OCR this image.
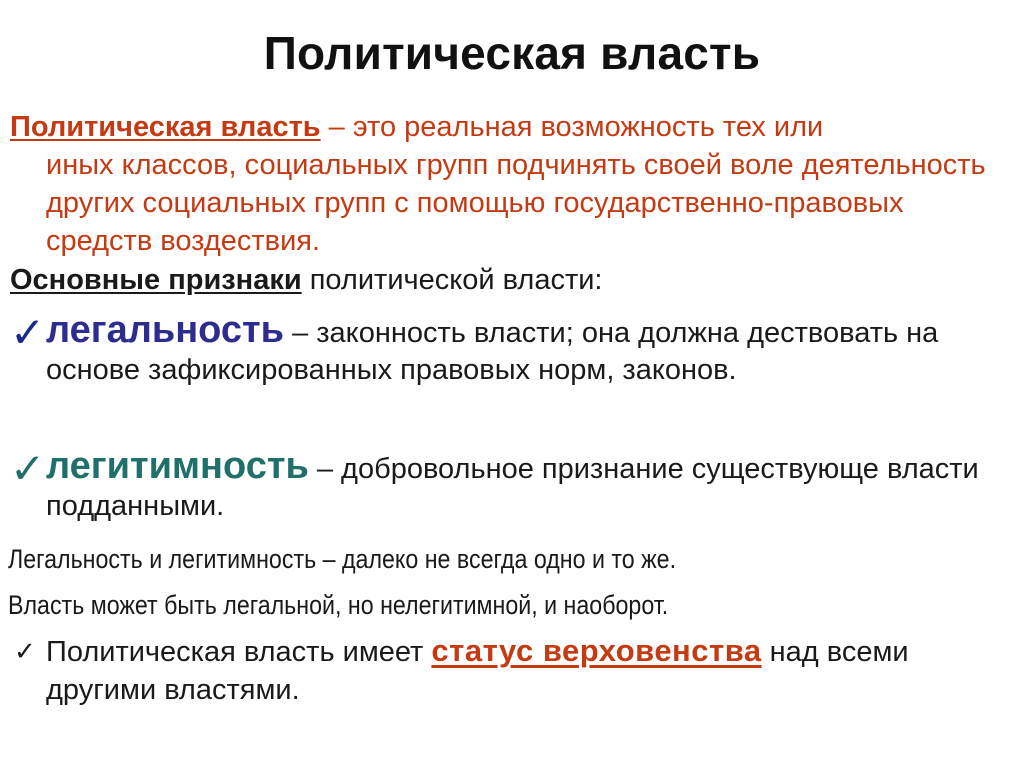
Политическая власть
Политическая власть – это реальная возможность тех или
иных классов, социальных групп подчинять своей воле деятельность других социальных групп с помощью государственно-правовых средств воздествия.
Основные признаки политической власти:
✓ легальность – законность власти; она должна дествовать на основе зафиксированных правовых норм, законов.
✓ легитимность – добровольное признание существующе власти подданными.
Легальность и легитимность – далеко не всегда одно и то же.
Власть может быть легальной, но нелегитимной, и наоборот.
✓ Политическая власть имеет статус верховенства над всеми другими властями.
